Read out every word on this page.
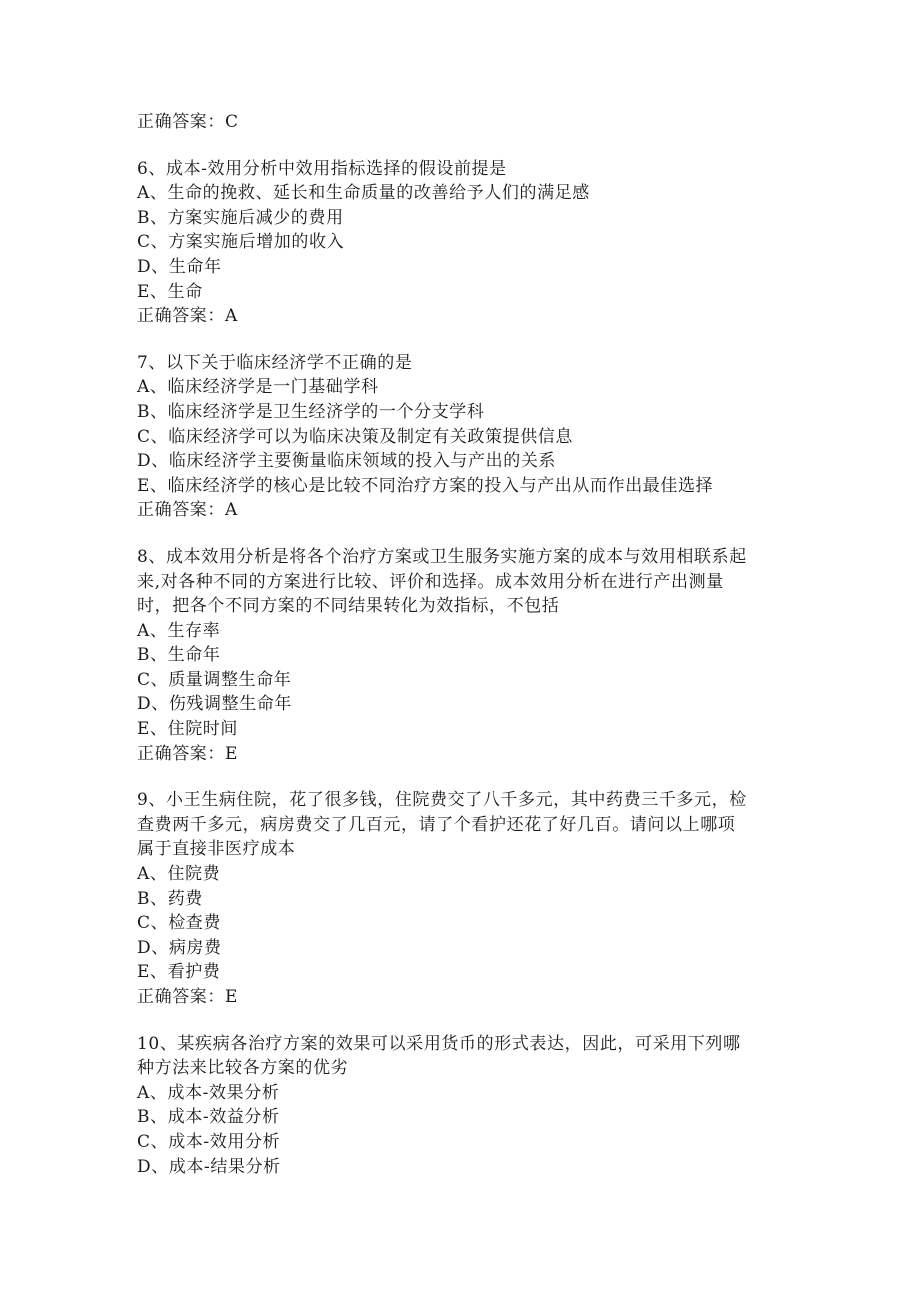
正确答案：C
6、成本-效用分析中效用指标选择的假设前提是
A、生命的挽救、延长和生命质量的改善给予人们的满足感
B、方案实施后减少的费用
C、方案实施后增加的收入
D、生命年
E、生命
正确答案：A
7、以下关于临床经济学不正确的是
A、临床经济学是一门基础学科
B、临床经济学是卫生经济学的一个分支学科
C、临床经济学可以为临床决策及制定有关政策提供信息
D、临床经济学主要衡量临床领域的投入与产出的关系
E、临床经济学的核心是比较不同治疗方案的投入与产出从而作出最佳选择
正确答案：A
8、成本效用分析是将各个治疗方案或卫生服务实施方案的成本与效用相联系起
来,对各种不同的方案进行比较、评价和选择。成本效用分析在进行产出测量
时，把各个不同方案的不同结果转化为效指标，不包括
A、生存率
B、生命年
C、质量调整生命年
D、伤残调整生命年
E、住院时间
正确答案：E
9、小王生病住院，花了很多钱，住院费交了八千多元，其中药费三千多元，检
查费两千多元，病房费交了几百元，请了个看护还花了好几百。请问以上哪项
属于直接非医疗成本
A、住院费
B、药费
C、检查费
D、病房费
E、看护费
正确答案：E
10、某疾病各治疗方案的效果可以采用货币的形式表达，因此，可采用下列哪
种方法来比较各方案的优劣
A、成本-效果分析
B、成本-效益分析
C、成本-效用分析
D、成本-结果分析
